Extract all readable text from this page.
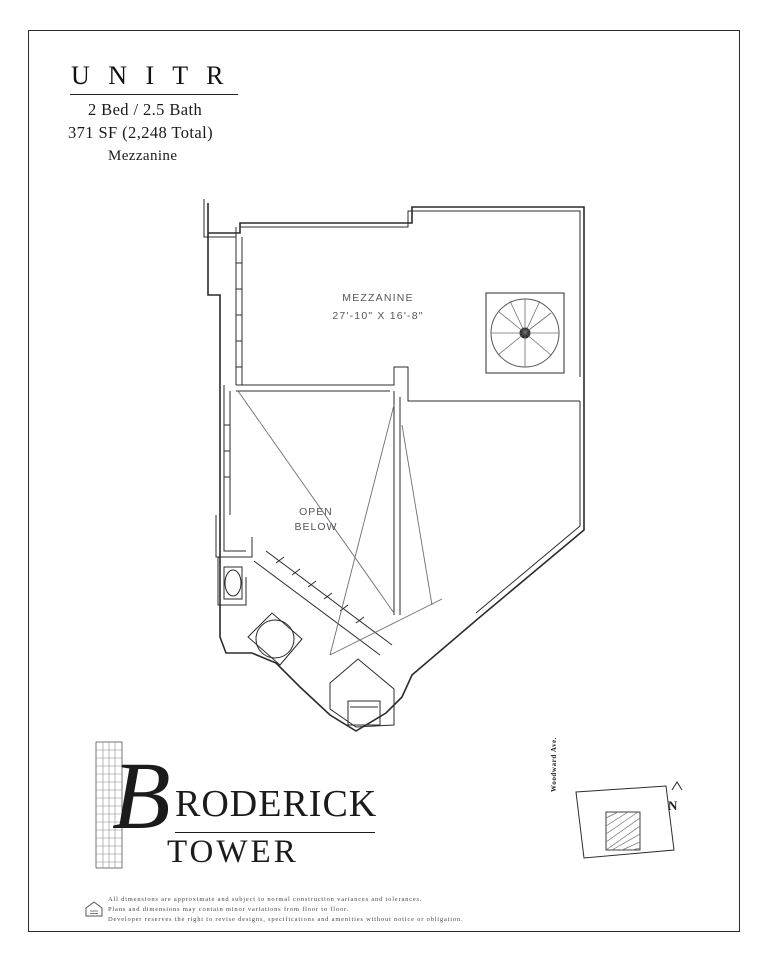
U N I T R
2 Bed / 2.5 Bath
371 SF (2,248 Total)
Mezzanine
MEZZANINE
27'-10" X 16'-8"
OPEN
BELOW
B RODERICK
TOWER
Woodward Ave.
N
All dimensions are approximate and subject to normal construction variances and tolerances.
Plans and dimensions may contain minor variations from floor to floor.
Developer reserves the right to revise designs, specifications and amenities without notice or obligation.
